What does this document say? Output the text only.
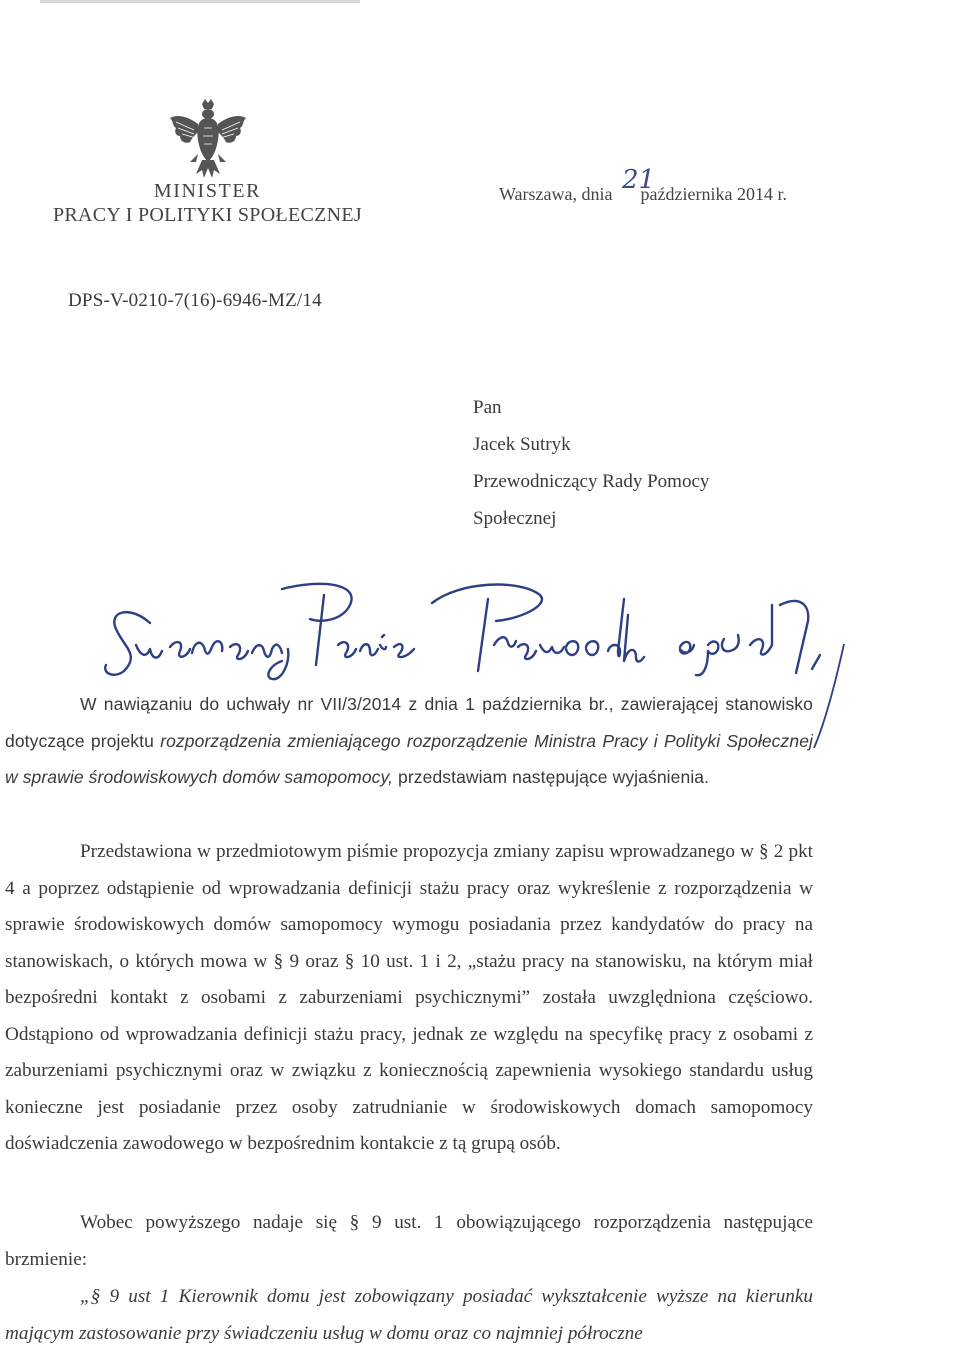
MINISTER
PRACY I POLITYKI SPOŁECZNEJ
Warszawa, dnia października 2014 r.
21
DPS-V-0210-7(16)-6946-MZ/14
Pan
Jacek Sutryk
Przewodniczący Rady Pomocy
Społecznej

W nawiązaniu do uchwały nr VII/3/2014 z dnia 1 października br., zawierającej stanowisko dotyczące projektu rozporządzenia zmieniającego rozporządzenie Ministra Pracy i Polityki Społecznej w sprawie środowiskowych domów samopomocy, przedstawiam następujące wyjaśnienia.

Przedstawiona w przedmiotowym piśmie propozycja zmiany zapisu wprowadzanego w § 2 pkt 4 a poprzez odstąpienie od wprowadzania definicji stażu pracy oraz wykreślenie z rozporządzenia w sprawie środowiskowych domów samopomocy wymogu posiadania przez kandydatów do pracy na stanowiskach, o których mowa w § 9 oraz § 10 ust. 1 i 2, „stażu pracy na stanowisku, na którym miał bezpośredni kontakt z osobami z zaburzeniami psychicznymi” została uwzględniona częściowo. Odstąpiono od wprowadzania definicji stażu pracy, jednak ze względu na specyfikę pracy z osobami z zaburzeniami psychicznymi oraz w związku z koniecznością zapewnienia wysokiego standardu usług konieczne jest posiadanie przez osoby zatrudnianie w środowiskowych domach samopomocy doświadczenia zawodowego w bezpośrednim kontakcie z tą grupą osób.

Wobec powyższego nadaje się § 9 ust. 1 obowiązującego rozporządzenia następujące brzmienie:

„§ 9 ust 1 Kierownik domu jest zobowiązany posiadać wykształcenie wyższe na kierunku mającym zastosowanie przy świadczeniu usług w domu oraz co najmniej półroczne
